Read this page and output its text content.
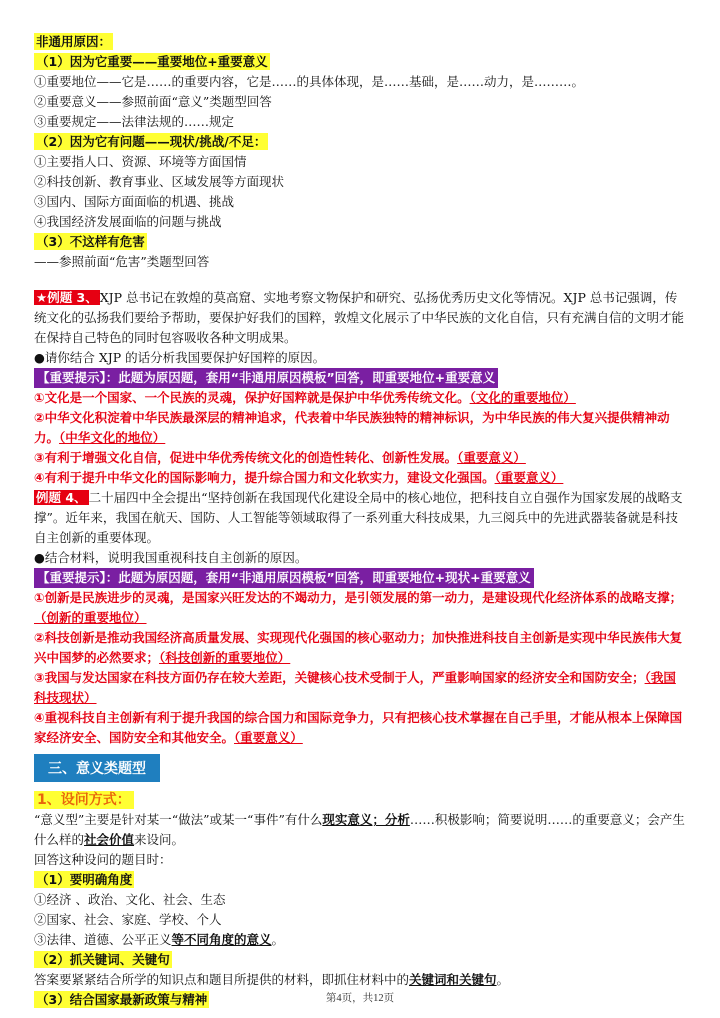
非通用原因：
（1）因为它重要——重要地位+重要意义
①重要地位——它是……的重要内容，它是……的具体体现，是……基础，是……动力，是………。
②重要意义——参照前面“意义”类题型回答
③重要规定——法律法规的……规定
（2）因为它有问题——现状/挑战/不足：
①主要指人口、资源、环境等方面国情
②科技创新、教育事业、区域发展等方面现状
③国内、国际方面面临的机遇、挑战
④我国经济发展面临的问题与挑战
（3）不这样有危害
——参照前面“危害”类题型回答
★例题 3、 XJP 总书记在敦煌的莫高窟、实地考察文物保护和研究、弘扬优秀历史文化等情况。XJP 总书记强调，传统文化的弘扬我们要给予帮助，要保护好我们的国粹，敦煌文化展示了中华民族的文化自信，只有充满自信的文明才能在保持自己特色的同时包容吸收各种文明成果。
●请你结合 XJP 的话分析我国要保护好国粹的原因。
【重要提示】：此题为原因题，套用“非通用原因模板”回答，即重要地位+重要意义
①文化是一个国家、一个民族的灵魂，保护好国粹就是保护中华优秀传统文化。（文化的重要地位）
②中华文化积淀着中华民族最深层的精神追求，代表着中华民族独特的精神标识，为中华民族的伟大复兴提供精神动力。（中华文化的地位）
③有利于增强文化自信，促进中华优秀传统文化的创造性转化、创新性发展。（重要意义）
④有利于提升中华文化的国际影响力，提升综合国力和文化软实力，建设文化强国。（重要意义）
例题 4、 二十届四中全会提出“坚持创新在我国现代化建设全局中的核心地位，把科技自立自强作为国家发展的战略支撑”。近年来，我国在航天、国防、人工智能等领域取得了一系列重大科技成果，九三阅兵中的先进武器装备就是科技自主创新的重要体现。
●结合材料，说明我国重视科技自主创新的原因。
【重要提示】：此题为原因题，套用“非通用原因模板”回答，即重要地位+现状+重要意义
①创新是民族进步的灵魂，是国家兴旺发达的不竭动力，是引领发展的第一动力，是建设现代化经济体系的战略支撑；（创新的重要地位）
②科技创新是推动我国经济高质量发展、实现现代化强国的核心驱动力；加快推进科技自主创新是实现中华民族伟大复兴中国梦的必然要求；（科技创新的重要地位）
③我国与发达国家在科技方面仍存在较大差距，关键核心技术受制于人，严重影响国家的经济安全和国防安全；（我国科技现状）
④重视科技自主创新有利于提升我国的综合国力和国际竞争力，只有把核心技术掌握在自己手里，才能从根本上保障国家经济安全、国防安全和其他安全。（重要意义）
三、意义类题型
1、设问方式：
“意义型”主要是针对某一“做法”或某一“事件”有什么现实意义；分析……积极影响；简要说明……的重要意义；会产生什么样的社会价值来设问。
回答这种设问的题目时：
（1）要明确角度
①经济 、政治、文化、社会、生态
②国家、社会、家庭、学校、个人
③法律、道德、公平正义等不同角度的意义。
（2）抓关键词、关键句
答案要紧紧结合所学的知识点和题目所提供的材料，即抓住材料中的关键词和关键句。
（3）结合国家最新政策与精神	第4页，共12页
